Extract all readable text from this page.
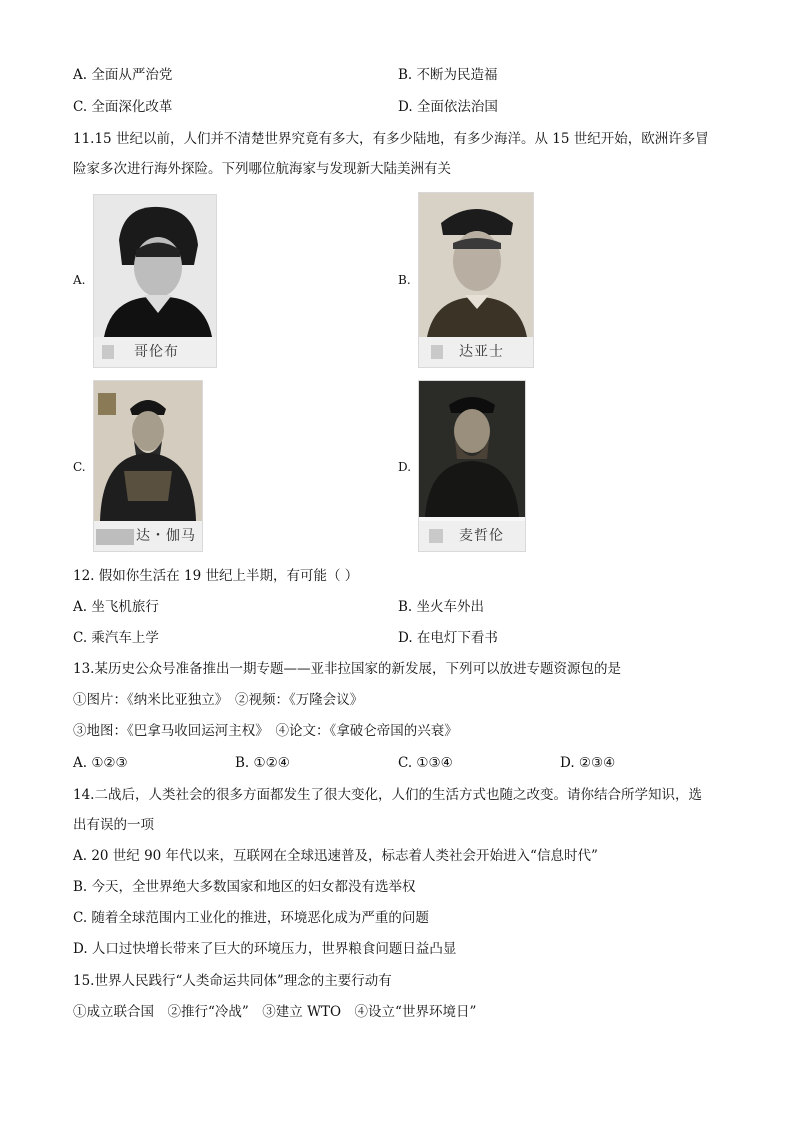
A. 全面从严治党	B. 不断为民造福
C. 全面深化改革	D. 全面依法治国
11.15 世纪以前，人们并不清楚世界究竟有多大，有多少陆地，有多少海洋。从 15 世纪开始，欧洲许多冒
险家多次进行海外探险。下列哪位航海家与发现新大陆美洲有关
A.
哥伦布
B.
达亚士
C.
达・伽马
D.
麦哲伦
12. 假如你生活在 19 世纪上半期，有可能（ ）
A. 坐飞机旅行	B. 坐火车外出
C. 乘汽车上学	D. 在电灯下看书
13.某历史公众号准备推出一期专题——亚非拉国家的新发展，下列可以放进专题资源包的是
①图片：《纳米比亚独立》　②视频：《万隆会议》
③地图：《巴拿马收回运河主权》　④论文：《拿破仑帝国的兴衰》
A. ①②③	B. ①②④	C. ①③④	D. ②③④
14.二战后，人类社会的很多方面都发生了很大变化，人们的生活方式也随之改变。请你结合所学知识，选
出有误的一项
A. 20 世纪 90 年代以来，互联网在全球迅速普及，标志着人类社会开始进入“信息时代”
B. 今天，全世界绝大多数国家和地区的妇女都没有选举权
C. 随着全球范围内工业化的推进，环境恶化成为严重的问题
D. 人口过快增长带来了巨大的环境压力，世界粮食问题日益凸显
15.世界人民践行“人类命运共同体”理念的主要行动有
①成立联合国　②推行“冷战”　③建立 WTO　④设立“世界环境日”
